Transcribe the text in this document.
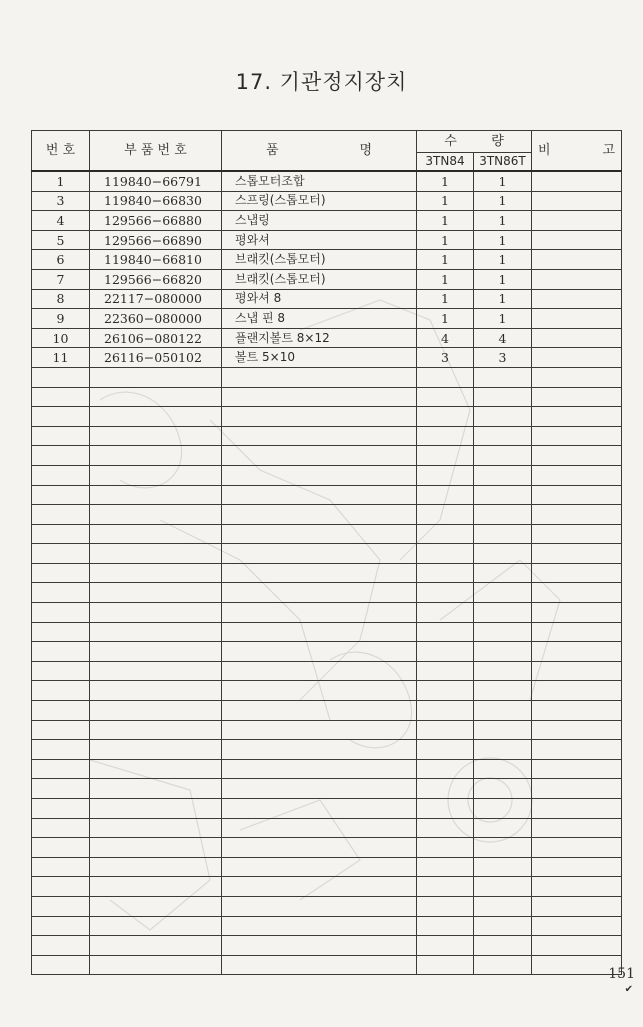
17. 기관정지장치
번 호	부 품 번 호	품 명	수 량		비 고

			3TN84	3TN86T	
1	119840−66791	스톱모터조합	1	1	
3	119840−66830	스프링(스톱모터)	1	1	
4	129566−66880	스냅링	1	1	
5	129566−66890	평와셔	1	1	
6	119840−66810	브래킷(스톱모터)	1	1	
7	129566−66820	브래킷(스톱모터)	1	1	
8	22117−080000	평와셔 8	1	1	
9	22360−080000	스냅 핀 8	1	1	
10	26106−080122	플랜지볼트 8×12	4	4	
11	26116−050102	볼트 5×10	3	3	

151
✔
